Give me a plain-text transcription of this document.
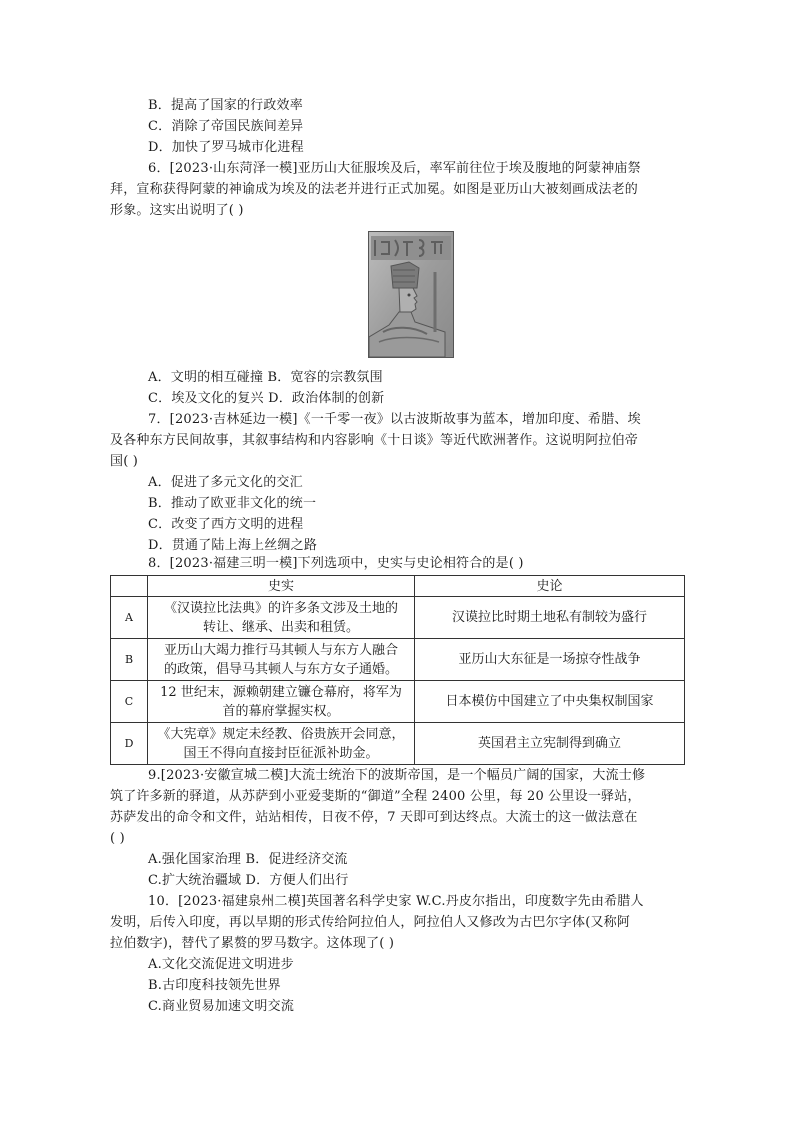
B．提高了国家的行政效率
C．消除了帝国民族间差异
D．加快了罗马城市化进程
6．[2023·山东菏泽一模]亚历山大征服埃及后，率军前往位于埃及腹地的阿蒙神庙祭
拜，宣称获得阿蒙的神谕成为埃及的法老并进行正式加冕。如图是亚历山大被刻画成法老的
形象。这实出说明了( )
A．文明的相互碰撞 B．宽容的宗教氛围
C．埃及文化的复兴 D．政治体制的创新
7．[2023·吉林延边一模]《一千零一夜》以古波斯故事为蓝本，增加印度、希腊、埃
及各种东方民间故事，其叙事结构和内容影响《十日谈》等近代欧洲著作。这说明阿拉伯帝
国( )
A．促进了多元文化的交汇
B．推动了欧亚非文化的统一
C．改变了西方文明的进程
D．贯通了陆上海上丝绸之路
8．[2023·福建三明一模]下列选项中，史实与史论相符合的是( )
	史实	史论
A	《汉谟拉比法典》的许多条文涉及土地的
转让、继承、出卖和租赁。	汉谟拉比时期土地私有制较为盛行
B	亚历山大竭力推行马其顿人与东方人融合
的政策，倡导马其顿人与东方女子通婚。	亚历山大东征是一场掠夺性战争
C	12 世纪末，源赖朝建立镰仓幕府，将军为
首的幕府掌握实权。	日本模仿中国建立了中央集权制国家
D	《大宪章》规定未经教、俗贵族开会同意，
国王不得向直接封臣征派补助金。	英国君主立宪制得到确立
9.[2023·安徽宣城二模]大流士统治下的波斯帝国，是一个幅员广阔的国家，大流士修
筑了许多新的驿道，从苏萨到小亚爱斐斯的“御道”全程 2400 公里，每 20 公里设一驿站，
苏萨发出的命令和文件，站站相传，日夜不停，7 天即可到达终点。大流士的这一做法意在
( )
A.强化国家治理 B．促进经济交流
C.扩大统治疆域 D．方便人们出行
10．[2023·福建泉州二模]英国著名科学史家 W.C.丹皮尔指出，印度数字先由希腊人
发明，后传入印度，再以早期的形式传给阿拉伯人，阿拉伯人又修改为古巴尔字体(又称阿
拉伯数字)，替代了累赘的罗马数字。这体现了( )
A.文化交流促进文明进步
B.古印度科技领先世界
C.商业贸易加速文明交流
